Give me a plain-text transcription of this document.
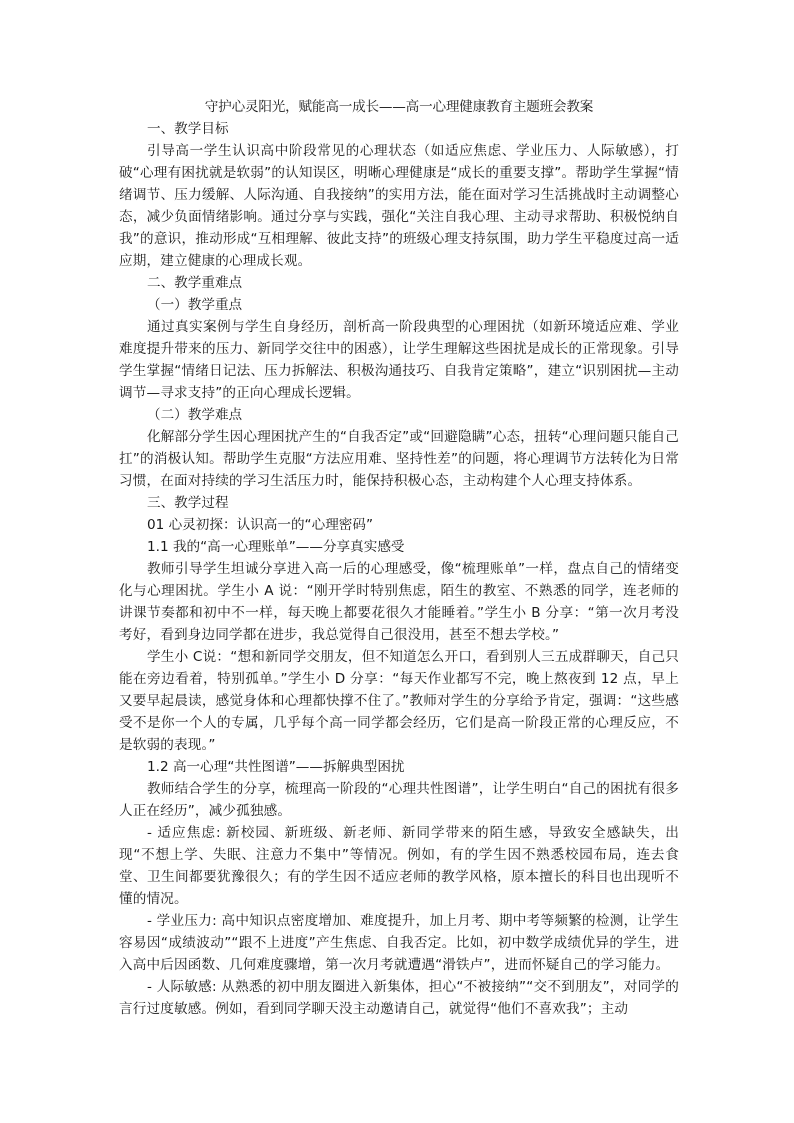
守护心灵阳光，赋能高一成长——高一心理健康教育主题班会教案

一、教学目标

引导高一学生认识高中阶段常见的心理状态（如适应焦虑、学业压力、人际敏感），打破“心理有困扰就是软弱”的认知误区，明晰心理健康是“成长的重要支撑”。帮助学生掌握“情绪调节、压力缓解、人际沟通、自我接纳”的实用方法，能在面对学习生活挑战时主动调整心态，减少负面情绪影响。通过分享与实践，强化“关注自我心理、主动寻求帮助、积极悦纳自我”的意识，推动形成“互相理解、彼此支持”的班级心理支持氛围，助力学生平稳度过高一适应期，建立健康的心理成长观。

二、教学重难点

（一）教学重点

通过真实案例与学生自身经历，剖析高一阶段典型的心理困扰（如新环境适应难、学业难度提升带来的压力、新同学交往中的困惑），让学生理解这些困扰是成长的正常现象。引导学生掌握“情绪日记法、压力拆解法、积极沟通技巧、自我肯定策略”，建立“识别困扰—主动调节—寻求支持”的正向心理成长逻辑。

（二）教学难点

化解部分学生因心理困扰产生的“自我否定”或“回避隐瞒”心态，扭转“心理问题只能自己扛”的消极认知。帮助学生克服“方法应用难、坚持性差”的问题，将心理调节方法转化为日常习惯，在面对持续的学习生活压力时，能保持积极心态，主动构建个人心理支持体系。

三、教学过程

01 心灵初探：认识高一的“心理密码”

1.1 我的“高一心理账单”——分享真实感受

教师引导学生坦诚分享进入高一后的心理感受，像“梳理账单”一样，盘点自己的情绪变化与心理困扰。学生小 A 说：“刚开学时特别焦虑，陌生的教室、不熟悉的同学，连老师的讲课节奏都和初中不一样，每天晚上都要花很久才能睡着。”学生小 B 分享：“第一次月考没考好，看到身边同学都在进步，我总觉得自己很没用，甚至不想去学校。”

学生小 C说：“想和新同学交朋友，但不知道怎么开口，看到别人三五成群聊天，自己只能在旁边看着，特别孤单。”学生小 D 分享：“每天作业都写不完，晚上熬夜到 12 点，早上又要早起晨读，感觉身体和心理都快撑不住了。”教师对学生的分享给予肯定，强调：“这些感受不是你一个人的专属，几乎每个高一同学都会经历，它们是高一阶段正常的心理反应，不是软弱的表现。”

1.2 高一心理“共性图谱”——拆解典型困扰

教师结合学生的分享，梳理高一阶段的“心理共性图谱”，让学生明白“自己的困扰有很多人正在经历”，减少孤独感。

- 适应焦虑: 新校园、新班级、新老师、新同学带来的陌生感，导致安全感缺失，出现“不想上学、失眠、注意力不集中”等情况。例如，有的学生因不熟悉校园布局，连去食堂、卫生间都要犹豫很久；有的学生因不适应老师的教学风格，原本擅长的科目也出现听不懂的情况。

- 学业压力: 高中知识点密度增加、难度提升，加上月考、期中考等频繁的检测，让学生容易因“成绩波动”“跟不上进度”产生焦虑、自我否定。比如，初中数学成绩优异的学生，进入高中后因函数、几何难度骤增，第一次月考就遭遇“滑铁卢”，进而怀疑自己的学习能力。

- 人际敏感: 从熟悉的初中朋友圈进入新集体，担心“不被接纳”“交不到朋友”，对同学的言行过度敏感。例如，看到同学聊天没主动邀请自己，就觉得“他们不喜欢我”；主动
